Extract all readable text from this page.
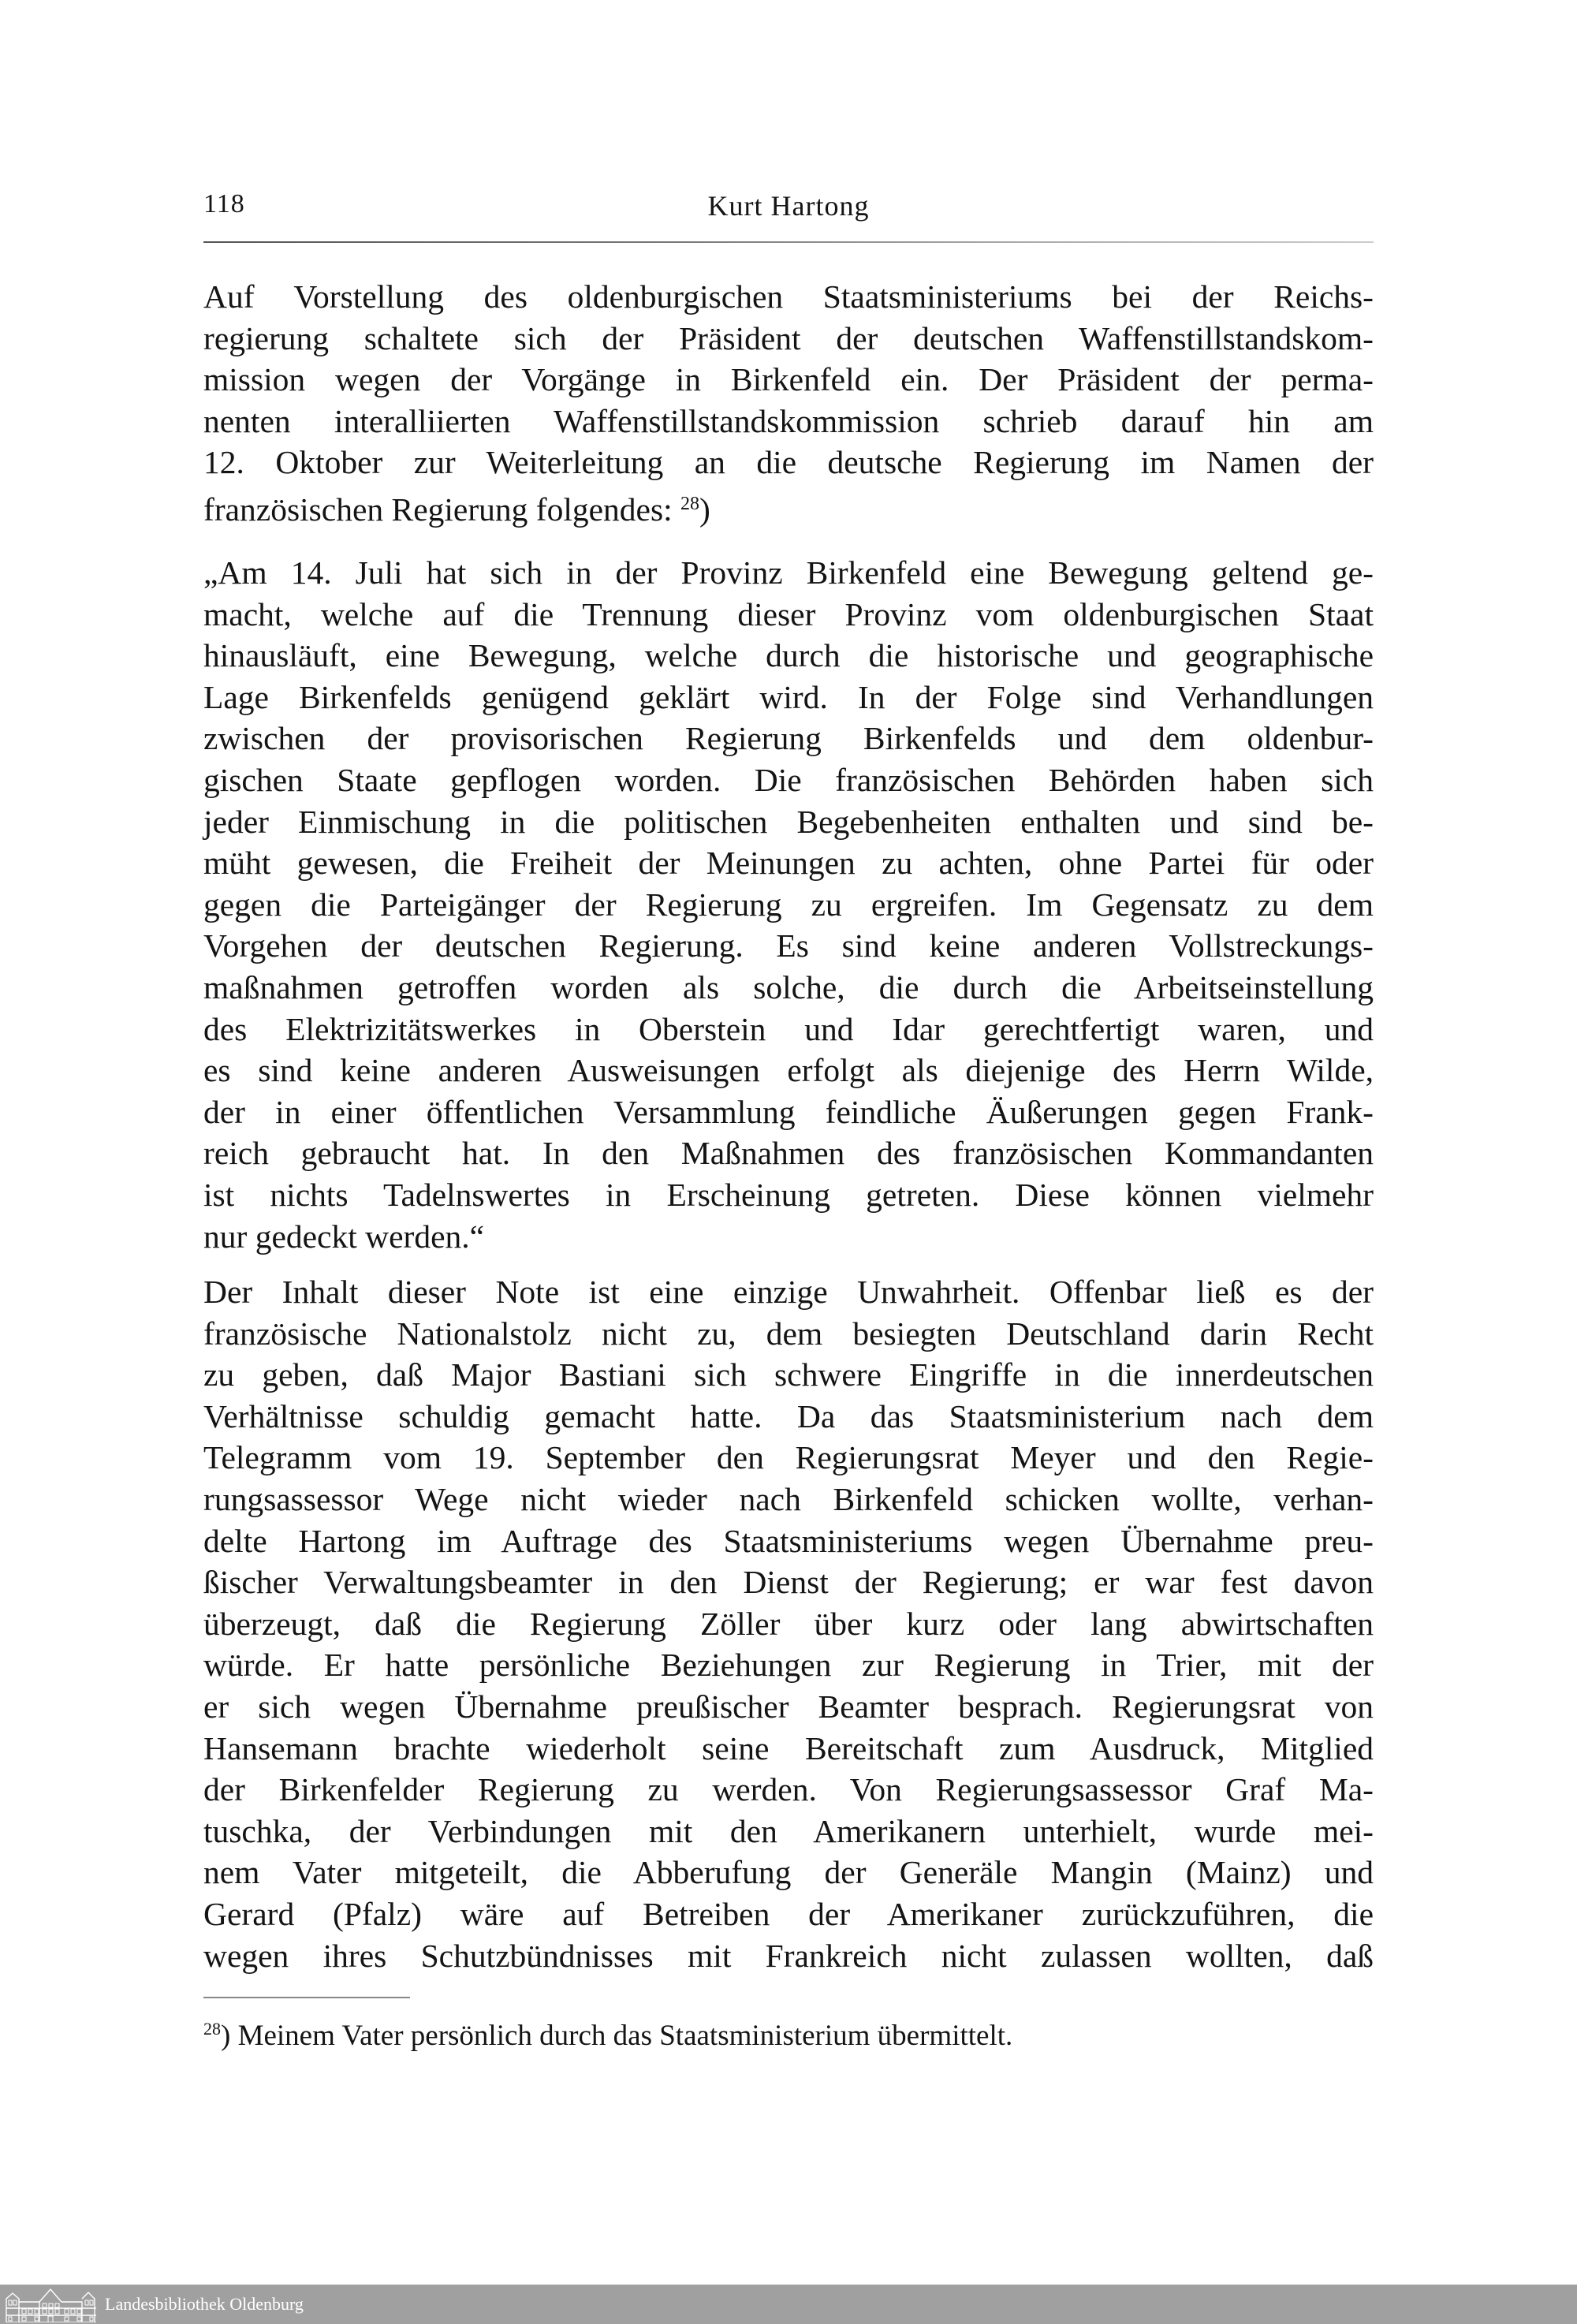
118	Kurt Hartong
Auf Vorstellung des oldenburgischen Staatsministeriums bei der Reichs-
regierung schaltete sich der Präsident der deutschen Waffenstillstandskom-
mission wegen der Vorgänge in Birkenfeld ein. Der Präsident der perma-
nenten interalliierten Waffenstillstandskommission schrieb darauf hin am
12. Oktober zur Weiterleitung an die deutsche Regierung im Namen der
französischen Regierung folgendes: $^{28}$)
„Am 14. Juli hat sich in der Provinz Birkenfeld eine Bewegung geltend ge-
macht, welche auf die Trennung dieser Provinz vom oldenburgischen Staat
hinausläuft, eine Bewegung, welche durch die historische und geographische
Lage Birkenfelds genügend geklärt wird. In der Folge sind Verhandlungen
zwischen der provisorischen Regierung Birkenfelds und dem oldenbur-
gischen Staate gepflogen worden. Die französischen Behörden haben sich
jeder Einmischung in die politischen Begebenheiten enthalten und sind be-
müht gewesen, die Freiheit der Meinungen zu achten, ohne Partei für oder
gegen die Parteigänger der Regierung zu ergreifen. Im Gegensatz zu dem
Vorgehen der deutschen Regierung. Es sind keine anderen Vollstreckungs-
maßnahmen getroffen worden als solche, die durch die Arbeitseinstellung
des Elektrizitätswerkes in Oberstein und Idar gerechtfertigt waren, und
es sind keine anderen Ausweisungen erfolgt als diejenige des Herrn Wilde,
der in einer öffentlichen Versammlung feindliche Äußerungen gegen Frank-
reich gebraucht hat. In den Maßnahmen des französischen Kommandanten
ist nichts Tadelnswertes in Erscheinung getreten. Diese können vielmehr
nur gedeckt werden.“
Der Inhalt dieser Note ist eine einzige Unwahrheit. Offenbar ließ es der
französische Nationalstolz nicht zu, dem besiegten Deutschland darin Recht
zu geben, daß Major Bastiani sich schwere Eingriffe in die innerdeutschen
Verhältnisse schuldig gemacht hatte. Da das Staatsministerium nach dem
Telegramm vom 19. September den Regierungsrat Meyer und den Regie-
rungsassessor Wege nicht wieder nach Birkenfeld schicken wollte, verhan-
delte Hartong im Auftrage des Staatsministeriums wegen Übernahme preu-
ßischer Verwaltungsbeamter in den Dienst der Regierung; er war fest davon
überzeugt, daß die Regierung Zöller über kurz oder lang abwirtschaften
würde. Er hatte persönliche Beziehungen zur Regierung in Trier, mit der
er sich wegen Übernahme preußischer Beamter besprach. Regierungsrat von
Hansemann brachte wiederholt seine Bereitschaft zum Ausdruck, Mitglied
der Birkenfelder Regierung zu werden. Von Regierungsassessor Graf Ma-
tuschka, der Verbindungen mit den Amerikanern unterhielt, wurde mei-
nem Vater mitgeteilt, die Abberufung der Generäle Mangin (Mainz) und
Gerard (Pfalz) wäre auf Betreiben der Amerikaner zurückzuführen, die
wegen ihres Schutzbündnisses mit Frankreich nicht zulassen wollten, daß
$^{28}$) Meinem Vater persönlich durch das Staatsministerium übermittelt.
Landesbibliothek Oldenburg
